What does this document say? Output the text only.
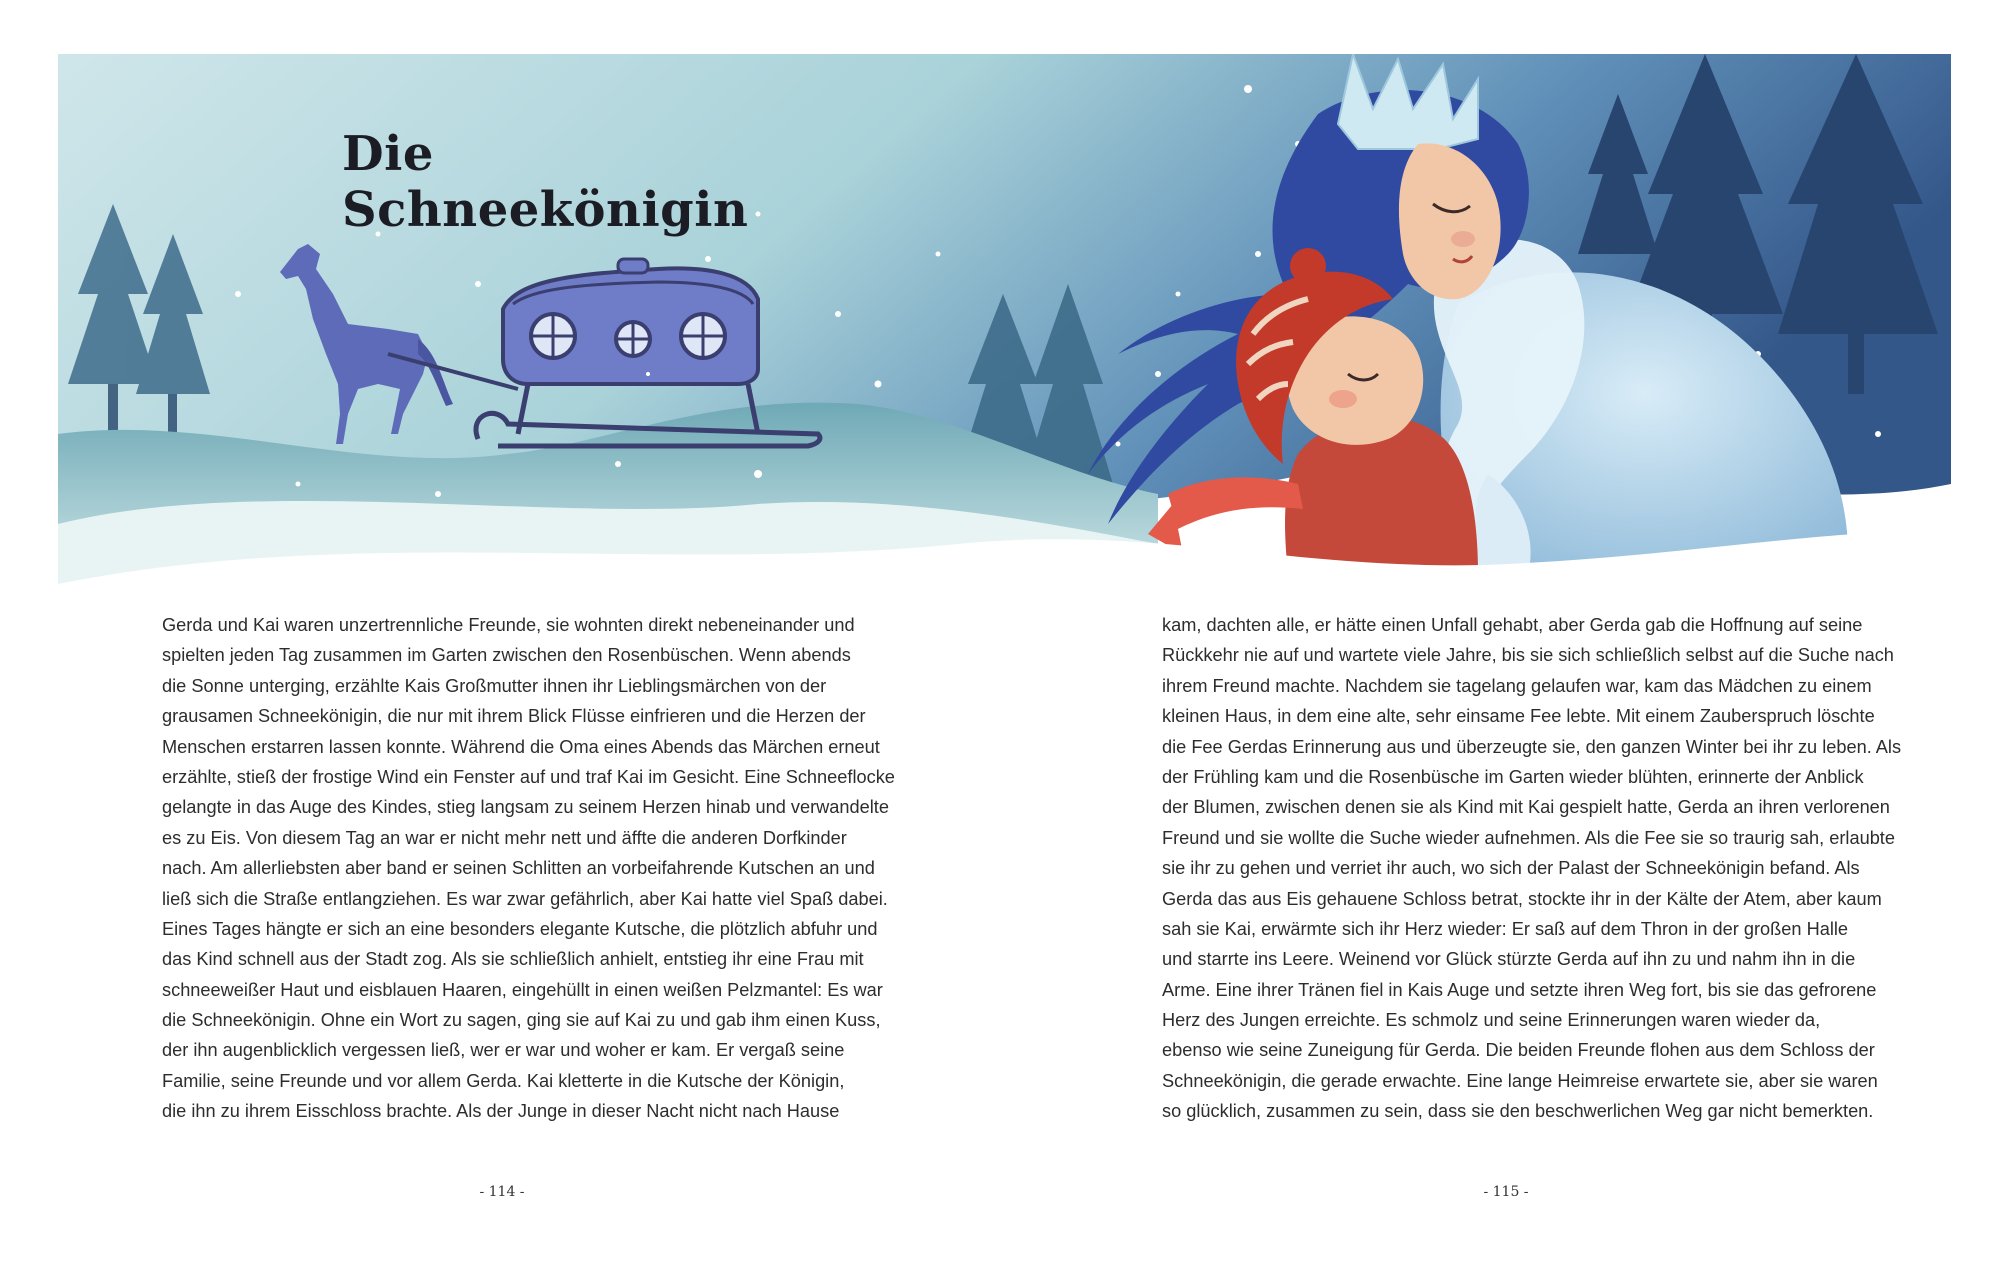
Die Schneekönigin
Gerda und Kai waren unzertrennliche Freunde, sie wohnten direkt nebeneinander und
spielten jeden Tag zusammen im Garten zwischen den Rosenbüschen. Wenn abends
die Sonne unterging, erzählte Kais Großmutter ihnen ihr Lieblingsmärchen von der
grausamen Schneekönigin, die nur mit ihrem Blick Flüsse einfrieren und die Herzen der
Menschen erstarren lassen konnte. Während die Oma eines Abends das Märchen erneut
erzählte, stieß der frostige Wind ein Fenster auf und traf Kai im Gesicht. Eine Schneeflocke
gelangte in das Auge des Kindes, stieg langsam zu seinem Herzen hinab und verwandelte
es zu Eis. Von diesem Tag an war er nicht mehr nett und äffte die anderen Dorfkinder
nach. Am allerliebsten aber band er seinen Schlitten an vorbeifahrende Kutschen an und
ließ sich die Straße entlangziehen. Es war zwar gefährlich, aber Kai hatte viel Spaß dabei.
Eines Tages hängte er sich an eine besonders elegante Kutsche, die plötzlich abfuhr und
das Kind schnell aus der Stadt zog. Als sie schließlich anhielt, entstieg ihr eine Frau mit
schneeweißer Haut und eisblauen Haaren, eingehüllt in einen weißen Pelzmantel: Es war
die Schneekönigin. Ohne ein Wort zu sagen, ging sie auf Kai zu und gab ihm einen Kuss,
der ihn augenblicklich vergessen ließ, wer er war und woher er kam. Er vergaß seine
Familie, seine Freunde und vor allem Gerda. Kai kletterte in die Kutsche der Königin,
die ihn zu ihrem Eisschloss brachte. Als der Junge in dieser Nacht nicht nach Hause
kam, dachten alle, er hätte einen Unfall gehabt, aber Gerda gab die Hoffnung auf seine
Rückkehr nie auf und wartete viele Jahre, bis sie sich schließlich selbst auf die Suche nach
ihrem Freund machte. Nachdem sie tagelang gelaufen war, kam das Mädchen zu einem
kleinen Haus, in dem eine alte, sehr einsame Fee lebte. Mit einem Zauberspruch löschte
die Fee Gerdas Erinnerung aus und überzeugte sie, den ganzen Winter bei ihr zu leben. Als
der Frühling kam und die Rosenbüsche im Garten wieder blühten, erinnerte der Anblick
der Blumen, zwischen denen sie als Kind mit Kai gespielt hatte, Gerda an ihren verlorenen
Freund und sie wollte die Suche wieder aufnehmen. Als die Fee sie so traurig sah, erlaubte
sie ihr zu gehen und verriet ihr auch, wo sich der Palast der Schneekönigin befand. Als
Gerda das aus Eis gehauene Schloss betrat, stockte ihr in der Kälte der Atem, aber kaum
sah sie Kai, erwärmte sich ihr Herz wieder: Er saß auf dem Thron in der großen Halle
und starrte ins Leere. Weinend vor Glück stürzte Gerda auf ihn zu und nahm ihn in die
Arme. Eine ihrer Tränen fiel in Kais Auge und setzte ihren Weg fort, bis sie das gefrorene
Herz des Jungen erreichte. Es schmolz und seine Erinnerungen waren wieder da,
ebenso wie seine Zuneigung für Gerda. Die beiden Freunde flohen aus dem Schloss der
Schneekönigin, die gerade erwachte. Eine lange Heimreise erwartete sie, aber sie waren
so glücklich, zusammen zu sein, dass sie den beschwerlichen Weg gar nicht bemerkten.
- 114 -	- 115 -
